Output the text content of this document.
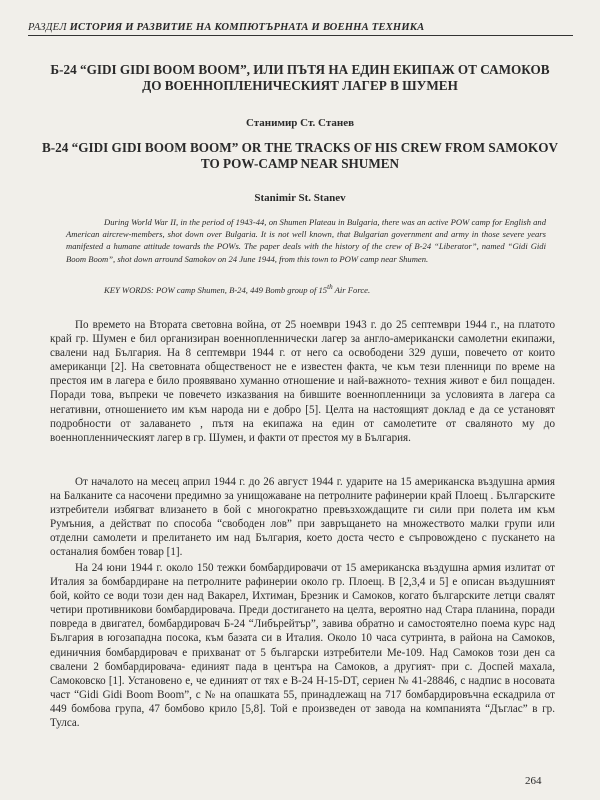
РАЗДЕЛ ИСТОРИЯ И РАЗВИТИЕ НА КОМПЮТЪРНАТА И ВОЕННА ТЕХНИКА

Б-24 “GIDI GIDI BOOM BOOM”, ИЛИ ПЪТЯ НА ЕДИН ЕКИПАЖ ОТ САМОКОВ ДО ВОЕННОПЛЕНИЧЕСКИЯТ ЛАГЕР В ШУМЕН

Станимир Ст. Станев

B-24 “GIDI GIDI BOOM BOOM” OR THE TRACKS OF HIS CREW FROM SAMOKOV TO POW-CAMP NEAR SHUMEN

Stanimir St. Stanev

During World War II, in the period of 1943-44, on Shumen Plateau in Bulgaria, there was an active POW camp for English and American aircrew-members, shot down over Bulgaria. It is not well known, that Bulgarian government and army in those severe years manifested a humane attitude towards the POWs. The paper deals with the history of the crew of B-24 “Liberator”, named “Gidi Gidi Boom Boom”, shot down arround Samokov on 24 June 1944, from this town to POW camp near Shumen.

KEY WORDS: POW camp Shumen, B-24, 449 Bomb group of 15th Air Force.

По времето на Втората световна война, от 25 ноември 1943 г. до 25 септември 1944 г., на платото край гр. Шумен е бил организиран военнопленнически лагер за англо-американски самолетни екипажи, свалени над България. На 8 септември 1944 г. от него са освободени 329 души, повечето от които американци [2]. На световната общественост не е известен факта, че към тези пленници по време на престоя им в лагера е било проявявано хуманно отношение и най-важното- техния живот е бил пощаден. Поради това, въпреки че повечето изказвания на бившите военнопленници за условията в лагера са негативни, отношението им към народа ни е добро [5]. Целта на настоящият доклад е да се установят подробности от залаването , пътя на екипажа на един от самолетите от сваляното му до военнопленническият лагер в гр. Шумен, и факти от престоя му в България.

От началото на месец април 1944 г. до 26 август 1944 г. ударите на 15 американска въздушна армия на Балканите са насочени предимно за унищожаване на петролните рафинерии край Плоещ . Българските изтребители избягват влизането в бой с многократно превъзхождащите ги сили при полета им към Румъния, а действат по способа “свободен лов” при завръщането на множеството малки групи или отделни самолети и прелитането им над България, което доста често е съпровождено с пускането на останалия бомбен товар [1].

На 24 юни 1944 г. около 150 тежки бомбардировачи от 15 американска въздушна армия излитат от Италия за бомбардиране на петролните рафинерии около гр. Плоещ. В [2,3,4 и 5] е описан въздушният бой, който се води този ден над Вакарел, Ихтиман, Брезник и Самоков, когато българските летци свалят четири противникови бомбардировача. Преди достигането на целта, вероятно над Стара планина, поради повреда в двигател, бомбардировач Б-24 “Либърейтър”, завива обратно и самостоятелно поема курс над България в югозападна посока, към базата си в Италия. Около 10 часа сутринта, в района на Самоков, единичния бомбардировач е прихванат от 5 български изтребители Ме-109. Над Самоков този ден са свалени 2 бомбардировача- единият пада в центъра на Самоков, а другият- при с. Доспей махала, Самоковско [1]. Установено е, че единият от тях е B-24 H-15-DT, сериен № 41-28846, с надпис в носовата част “Gidi Gidi Boom Boom”, с № на опашката 55, принадлежащ на 717 бомбардировъчна ескадрила от 449 бомбова група, 47 бомбово крило [5,8]. Той е произведен от завода на компанията “Дъглас” в гр. Тулса.

264
